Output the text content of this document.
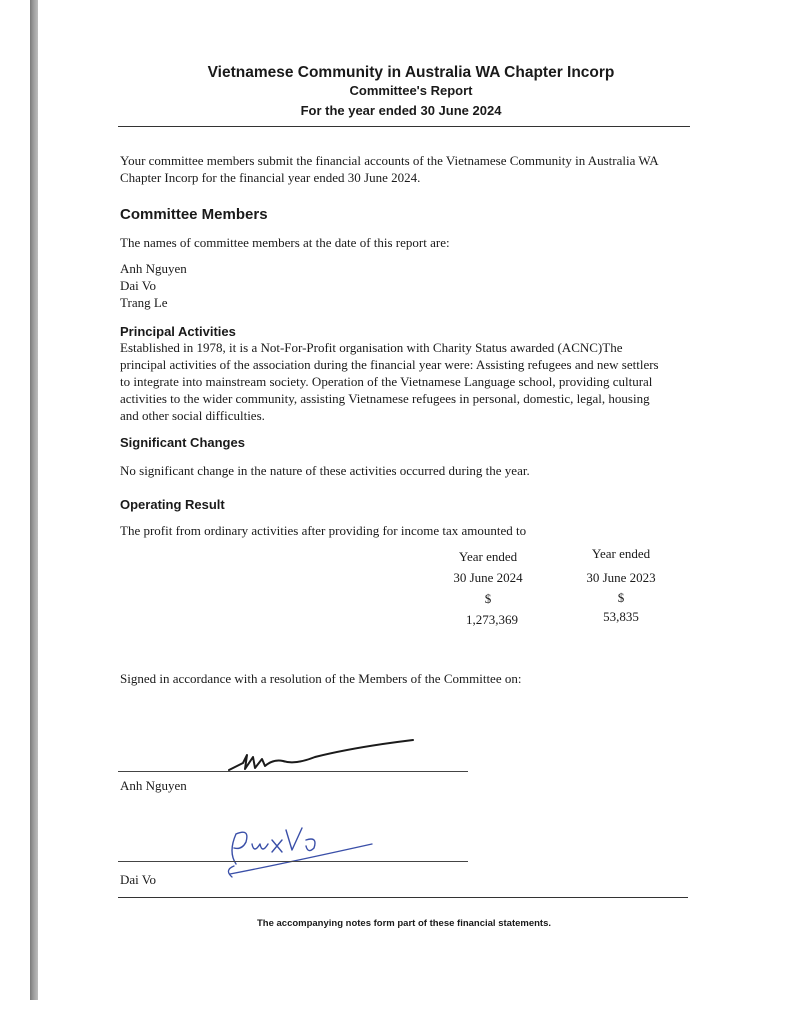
Vietnamese Community in Australia WA Chapter Incorp
Committee's Report
For the year ended 30 June 2024
Your committee members submit the financial accounts of the Vietnamese Community in Australia WA Chapter Incorp for the financial year ended 30 June 2024.
Committee Members
The names of committee members at the date of this report are:
Anh Nguyen
Dai Vo
Trang Le
Principal Activities
Established in 1978, it is a Not-For-Profit organisation with Charity Status awarded (ACNC)The principal activities of the association during the financial year were: Assisting refugees and new settlers to integrate into mainstream society. Operation of the Vietnamese Language school, providing cultural activities to the wider community, assisting Vietnamese refugees in personal, domestic, legal, housing and other social difficulties.
Significant Changes
No significant change in the nature of these activities occurred during the year.
Operating Result
The profit from ordinary activities after providing for income tax amounted to
Year ended
30 June 2024
$
1,273,369
Year ended
30 June 2023
$
53,835
Signed in accordance with a resolution of the Members of the Committee on:
Anh Nguyen
Dai Vo
The accompanying notes form part of these financial statements.
